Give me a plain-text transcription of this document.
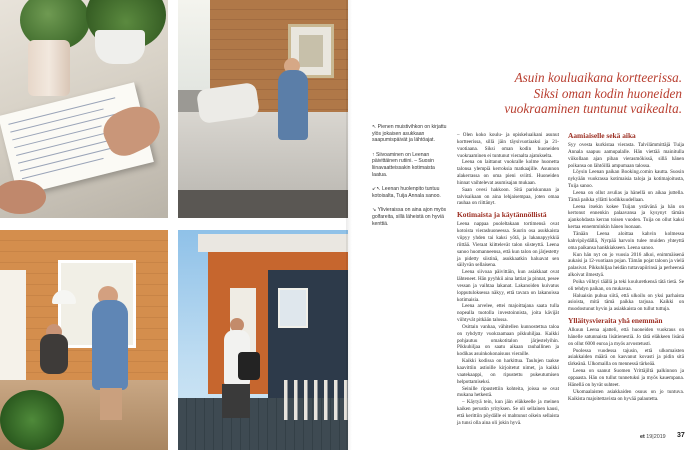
Asuin kouluaikana kortteerissa.
Siksi oman kodin huoneiden
vuokraaminen tuntunut vaikealta.

↖ Pienen muistivihkon on kirjattu ylös jokaisen asukkaan saapumispäivät ja lähtöajat.

↑ Siivoaminen on Leenan päivittäinen rutiini. – Suosin liinavaatteissakin kotimaista laatua.

↙↖ Leenan huolenpito tuntuu kotoisalta, Tuija Annala sanoo.

↘ Ylivieraissa on aina ajon myös golfareita, sillä läheistä on hyviä kenttiä.

– Olen koko koulu- ja opiskeluaikani asunut kortteerissa, sillä jäin täysivuotiaaksi ja 21-vuotiaana. Siksi oman kodin huoneiden vuokraaminen ei tuntunut vieraalta ajatukselta.

Leena on laittanut vuokralle kolme huonetta talonsa ylempiä kerroksia matkaajille. Asunnon alakerrassa on oma pieni sviitti. Huoneiden hinnat vaihtelevat asumisajan mukaan.

Saan ovesi hakkoon. Sitä pariskunnan ja talvisaikaan on aina lehjaisempaa, joten omaa rauhaa on riittänyt.

Kotimaista ja käytännöllistä

Leena nappaa puoleltakaan tortimensä ovat kotoista vierashuoneessa. Suurin osa asukkaista viipyy yhden tai kaksi yötä, ja lakanapyykkiä riittää. Vieraat kiittelevät talon siisteyttä. Leena sanoo huomanneensa, että kun talon on järjestetty ja pidetty siistinä, asukkaatkin haluavat sen säilyvän sellaisena.

Leena siivoaa päivittäin, kun asiakkaat ovat lähteneet. Hän pyyhkii aina lattiat ja pinnat, pesee vessan ja vaihtaa lakanat. Lakanoiden kuivatus lopputuloksessa näkyy, että tavara on lakanoissa kotimaisia.

Leena arvelee, ettei majoittajana saata tulla nopealla tuotolla investoinnista, joita kävijät viihtyvät pitkään talossa.

Osittain vanhaa, vähitellen kunnostettua taloa on ryhdytty vuokraamaan pikkuhiljaa. Kaikki pohjautuu omakotitalon järjestelyihin. Pikkuhiljaa on saatu aikaan rauhallinen ja kodikas asuinkokonaisuus vieraille.

Kaikki kodissa on harkittua. Taulujen taakse kaavittiin astioille kirjoitetut nimet, ja kaikki vaatekaappi, on ripustettu pukeutumisen helpottamiseksi.

Seinille ripustettiin kohteita, joissa se ovat mukana hetkestä.

– Käytyä tein, kun jäin eläkkeelle ja meinen kaiken perustin yrityksen. Se oli sellainen kausi, että kerittiin pöydälle ei mahtunut oikein sellaista ja tunsi olla aina oli jokin hyvä.

Aamiaiselle sekä aika

Syy ovesta kurkistaa vierasta. Talvilämmittäjä Tuija Annala saapuu aamupalalle. Hän viettää mainitulla viikollaan ajan pihan vierasmökissä, sillä hänen poikansa on lähtöillä ampumaan talossa.

Löysin Leenan paikan Booking.comin kautta. Suosin nykyään vuokrassa kotimaisia taloja ja kotimajoitusta, Tuija sanoo.

Leena on ollut avulias ja hänellä on aikaa juttella. Tämä paikka yllätti kodikkuudellaan.

Leena itsekin kokee Tuijan ystävänä ja hän on kertonut ennenkin palaavansa ja kysynyt tämän ajankohdasta kerran toisen vuoden. Tuija on ollut kaksi kertaa ennemminkin hänen luonaan.

Tänään Leena aloittaa kahvin kolmessa kahvipöydällä, Nyrpää harvoin tulee muiden yhteyttä oma paikansa hankkiakseen. Leena sanoo.

Kun hän nyt on jo vuosia 2016 alkoi, enimmäisenä aukaisi ja 12-vuotiaan pojan. Tämän pojat taloon ja vielä palasivat. Pikkuhiljaa heidän tuttavapiirinsä ja perheensä alkoivat ilmestyä.

Poika viihtyi täällä ja teki kouluretkensä tätä tietä. Se oli tehdyn paikan, on mukavaa.

Haluaisin puhua siitä, että ulkoilu on yksi parhaista asioista, mitä tämä paikka tarjoaa. Kaikki on muodostunut hyvin ja asiakkaista on tullut tuttuja.

Ylläitysvieraita yhä enemmän

Alkuun Leena ajatteli, että huoneiden vuokraus on hänelle satunnaista lisätienestiä. Jo tätä eläkkeen lisänä on ollut 6000 euroa ja myös arvostetusti.

Puolessa vuodessa tajusin, että ulkomaisten asiakkaiden määrä on kasvanut kovasti ja pidin sitä tärkeänä. Ulkomailla on mennessä tärkeää.

Leena on saanut Suomen Yrittäjiltä palkinnon ja oppaasta. Hän on tullut tunnetuksi ja myös kauempana. Hänellä on hyvät suhteet.

Ukomaalaisten asiakkaiden osuus on jo tuntuva. Kaikista majoitettavista on hyvää palautetta.

et 19|2019 37
